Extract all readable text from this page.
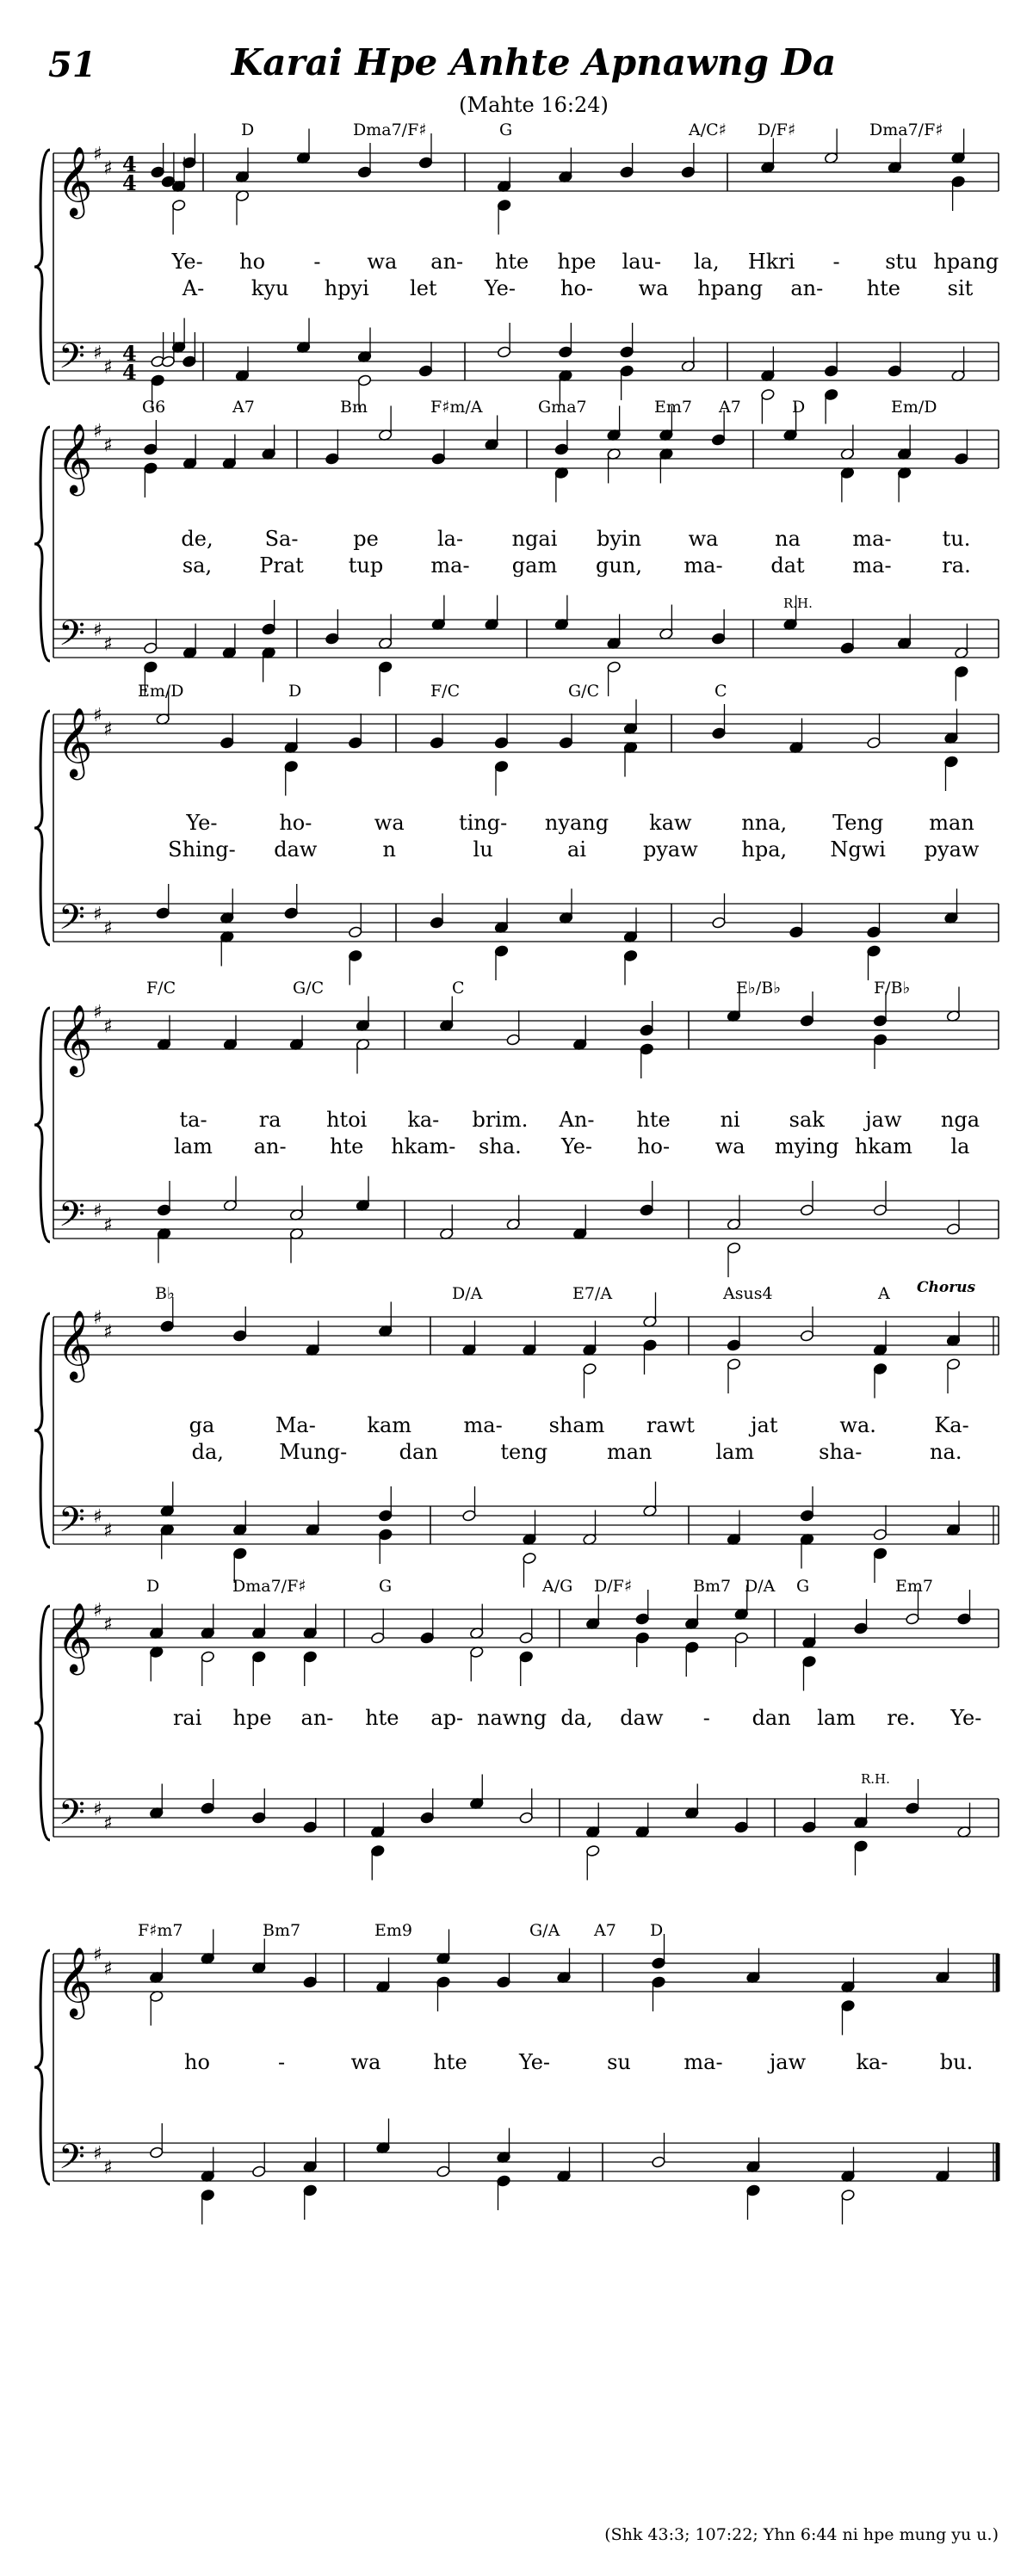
51	Karai Hpe Anhte Apnawng Da
(Mahte 16:24)
(Shk 43:3; 107:22; Yhn 6:44 ni hpe mung yu u.)
𝄞
𝄢
♯
♯
♯
♯
4
4
4
4
𝄞
𝄢
♯
♯
♯
♯
𝄞
𝄢
♯
♯
♯
♯
𝄞
𝄢
♯
♯
♯
♯
𝄞
𝄢
♯
♯
♯
♯
𝄞
𝄢
♯
♯
♯
♯
𝄞
𝄢
♯
♯
♯
♯
D	Dma7/F♯	G	A/C♯ D/F♯	Dma7/F♯
Ye- ho - wa an- hte hpe lau- la, Hkri - stu hpang
A- kyu hpyi let Ye- ho- wa hpang an- hte sit
G6	A7	Bm	F♯m/A	Gma7	Em7 A7	D	Em/D
de, Sa-	pe	la- ngai byin wa	na	ma- tu.
sa, Prat tup ma- gam gun, ma- dat ma- ra.
R.H.
Em/D	D	F/C	G/C	C
Ye-	ho-	wa	ting- nyang kaw nna, Teng man
Shing- daw	n	lu	ai	pyaw hpa, Ngwi pyaw
F/C	G/C	C	E♭/B♭	F/B♭
ta-	ra htoi ka- brim. An- hte ni sak jaw nga
lam an- hte hkam- sha. Ye- ho- wa mying hkam la
B♭	D/A	E7/A	Asus4	A
ga	Ma- kam	ma- sham rawt	jat	wa.	Ka-
da,	Mung-	dan	teng	man	lam	sha-	na.
Chorus
D	Dma7/F♯	G	A/G D/F♯	Bm7 D/A G	Em7
rai hpe an- hte ap- nawng da, daw - dan lam re. Ye-
R.H.
F♯m7	Bm7	Em9	G/A A7 D
ho	-	wa	hte	Ye-	su	ma- jaw ka-	bu.
